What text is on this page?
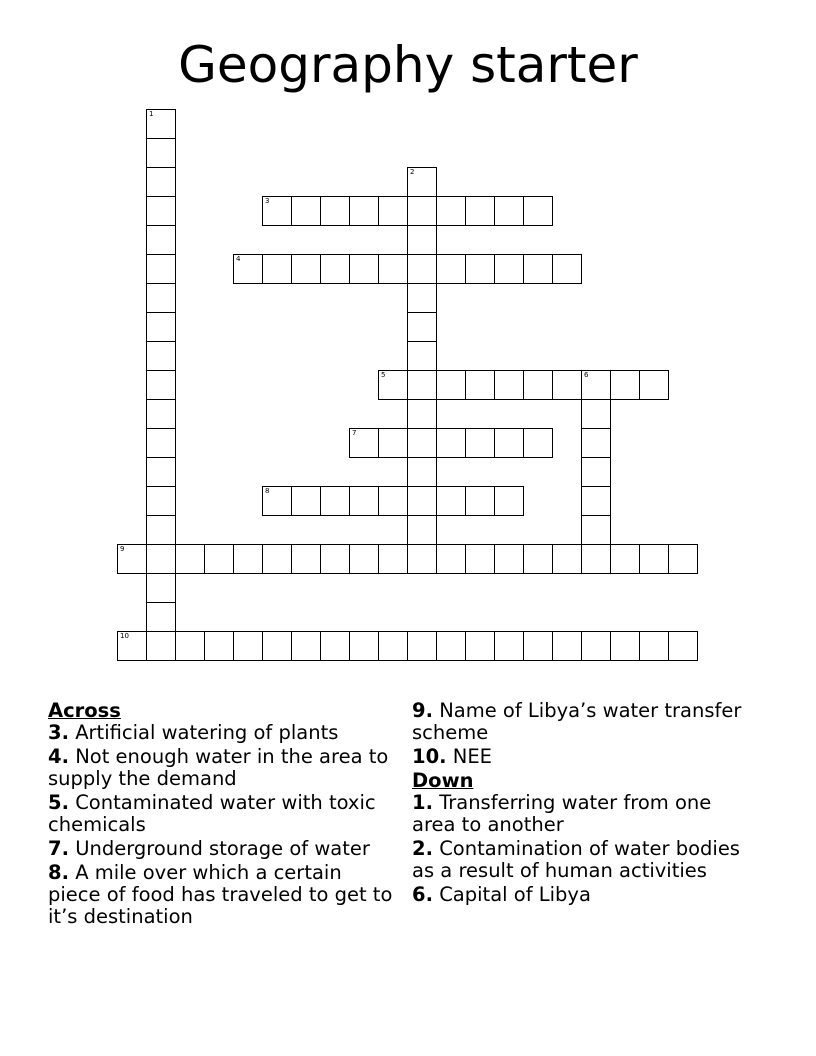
Geography starter
1
2
3
4
5	6
7
8
9
10
Across
3. Artificial watering of plants
4. Not enough water in the area to supply the demand
5. Contaminated water with toxic chemicals
7. Underground storage of water
8. A mile over which a certain piece of food has traveled to get to it’s destination
9. Name of Libya’s water transfer scheme
10. NEE
Down
1. Transferring water from one area to another
2. Contamination of water bodies as a result of human activities
6. Capital of Libya
